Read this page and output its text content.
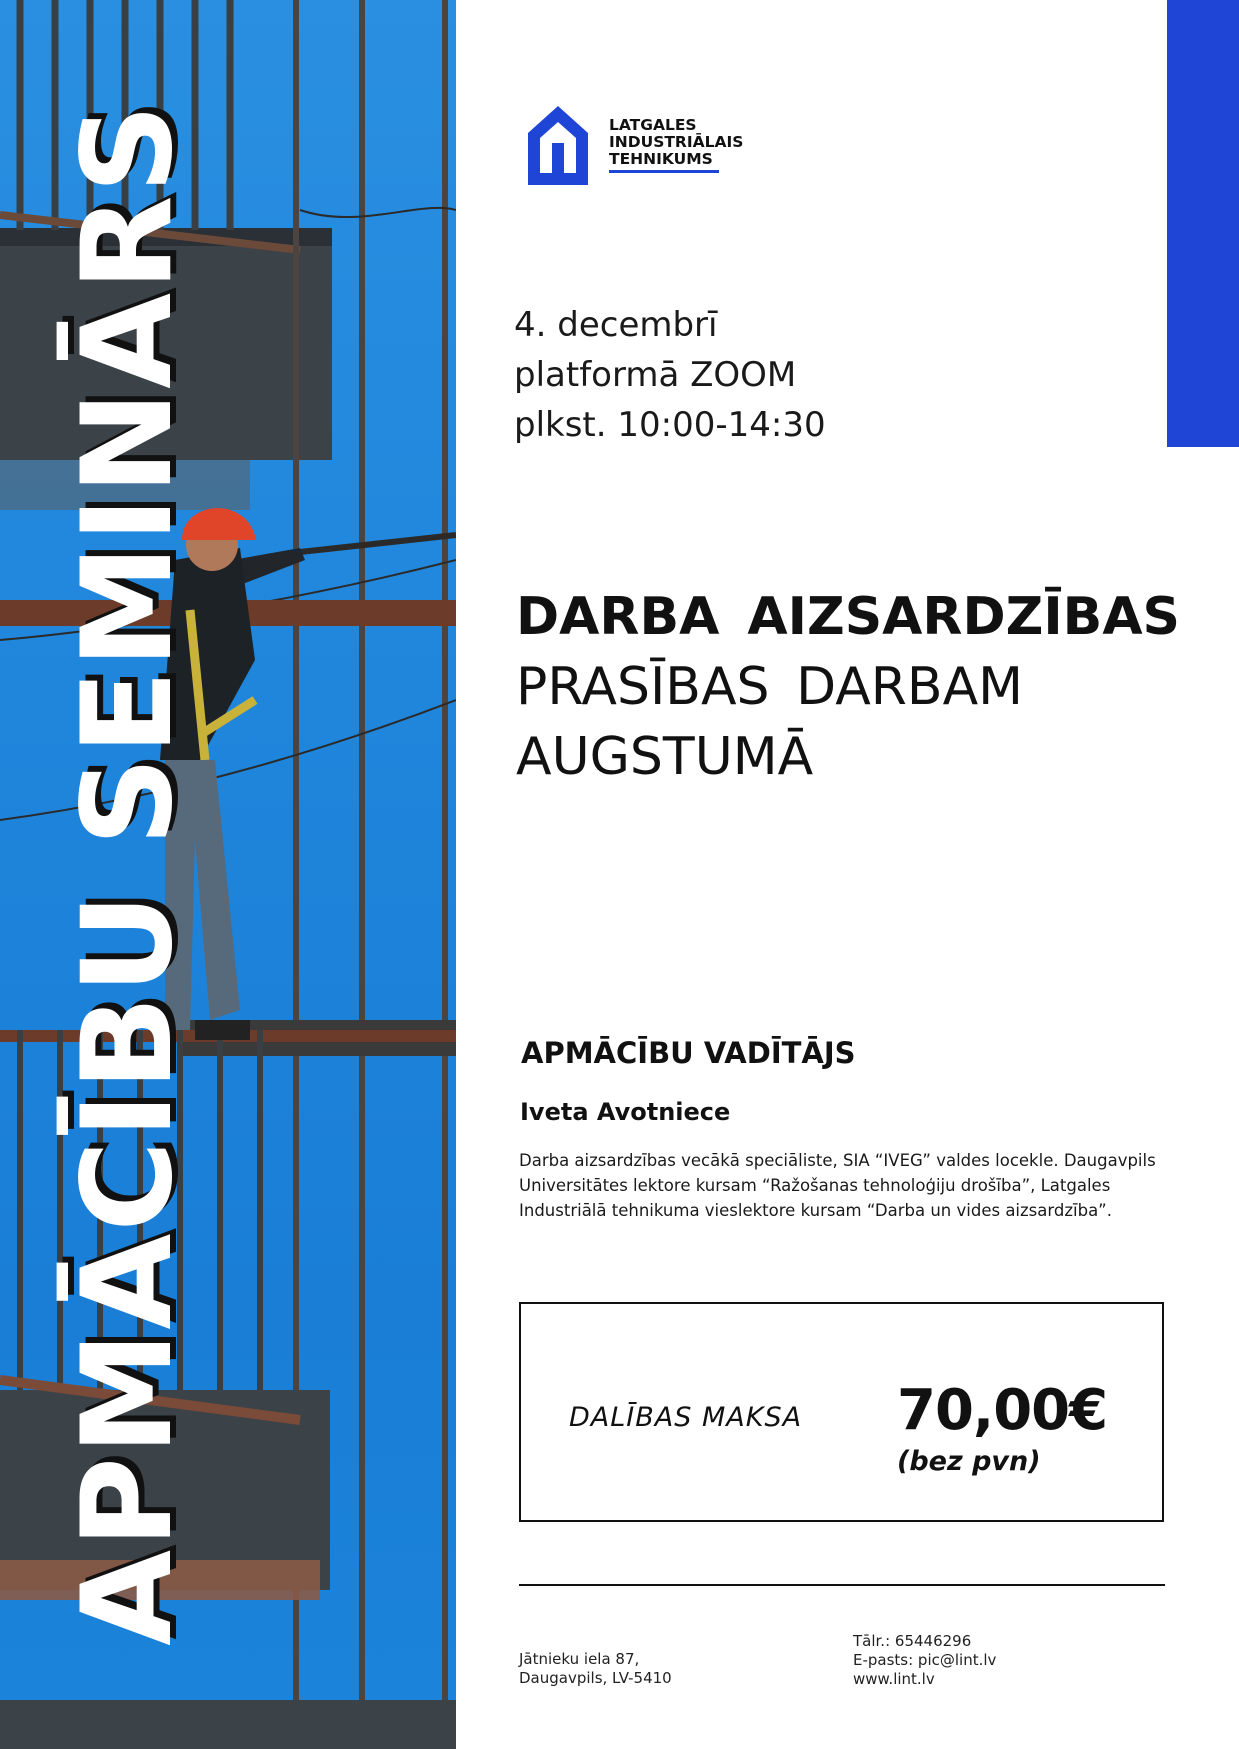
APMĀCĪBU SEMINĀRS	LATGALES
INDUSTRIĀLAIS
TEHNIKUMS
4. decembrī
platformā ZOOM
plkst. 10:00-14:30
DARBA AIZSARDZĪBAS
PRASĪBAS DARBAM
AUGSTUMĀ
APMĀCĪBU VADĪTĀJS
Iveta Avotniece
Darba aizsardzības vecākā speciāliste, SIA “IVEG” valdes locekle. Daugavpils
Universitātes lektore kursam “Ražošanas tehnoloģiju drošība”, Latgales
Industriālā tehnikuma vieslektore kursam “Darba un vides aizsardzība”.
DALĪBAS MAKSA 70,00€
(bez pvn)
Jātnieku iela 87,
Daugavpils, LV-5410
Tālr.: 65446296
E-pasts: pic@lint.lv
www.lint.lv
